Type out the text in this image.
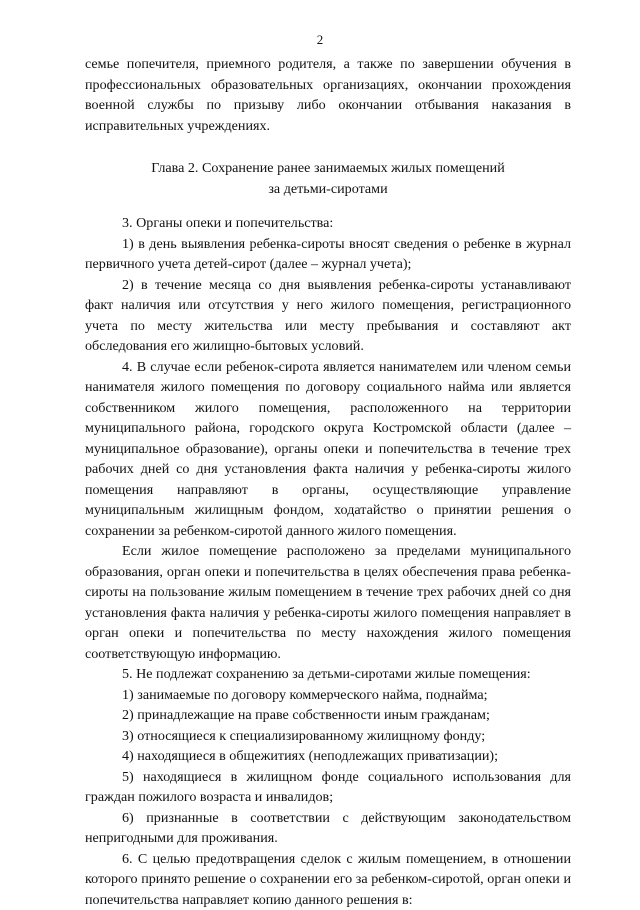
2

семье попечителя, приемного родителя, а также по завершении обучения в профессиональных образовательных организациях, окончании прохождения военной службы по призыву либо окончании отбывания наказания в исправительных учреждениях.

Глава 2. Сохранение ранее занимаемых жилых помещений
за детьми-сиротами

3. Органы опеки и попечительства:

1) в день выявления ребенка-сироты вносят сведения о ребенке в журнал первичного учета детей-сирот (далее – журнал учета);

2) в течение месяца со дня выявления ребенка-сироты устанавливают факт наличия или отсутствия у него жилого помещения, регистрационного учета по месту жительства или месту пребывания и составляют акт обследования его жилищно-бытовых условий.

4. В случае если ребенок-сирота является нанимателем или членом семьи нанимателя жилого помещения по договору социального найма или является собственником жилого помещения, расположенного на территории муниципального района, городского округа Костромской области (далее – муниципальное образование), органы опеки и попечительства в течение трех рабочих дней со дня установления факта наличия у ребенка-сироты жилого помещения направляют в органы, осуществляющие управление муниципальным жилищным фондом, ходатайство о принятии решения о сохранении за ребенком-сиротой данного жилого помещения.

Если жилое помещение расположено за пределами муниципального образования, орган опеки и попечительства в целях обеспечения права ребенка-сироты на пользование жилым помещением в течение трех рабочих дней со дня установления факта наличия у ребенка-сироты жилого помещения направляет в орган опеки и попечительства по месту нахождения жилого помещения соответствующую информацию.

5. Не подлежат сохранению за детьми-сиротами жилые помещения:

1) занимаемые по договору коммерческого найма, поднайма;

2) принадлежащие на праве собственности иным гражданам;

3) относящиеся к специализированному жилищному фонду;

4) находящиеся в общежитиях (неподлежащих приватизации);

5) находящиеся в жилищном фонде социального использования для граждан пожилого возраста и инвалидов;

6) признанные в соответствии с действующим законодательством непригодными для проживания.

6. С целью предотвращения сделок с жилым помещением, в отношении которого принято решение о сохранении его за ребенком-сиротой, орган опеки и попечительства направляет копию данного решения в:
